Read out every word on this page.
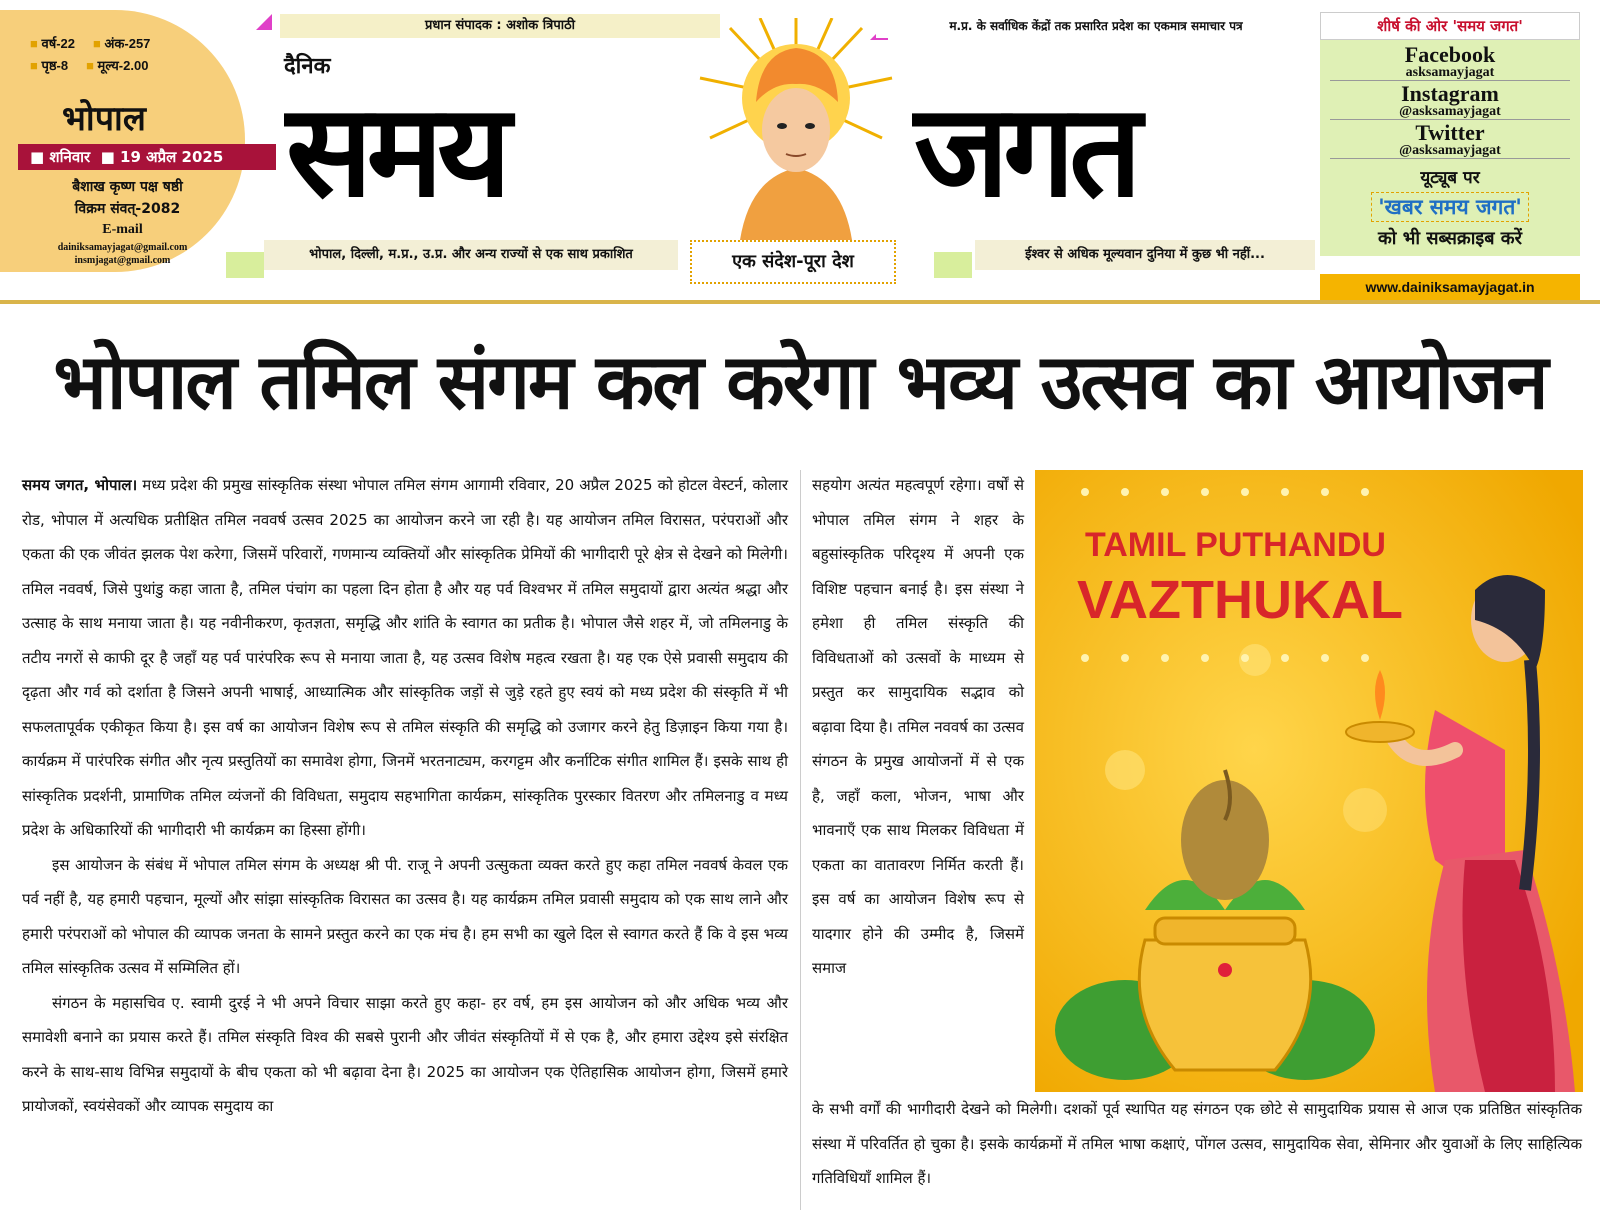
■ वर्ष-22 ■ अंक-257
■ पृष्ठ-8 ■ मूल्य-2.00
भोपाल
■ शनिवार  ■ 19 अप्रैल 2025
बैशाख कृष्ण पक्ष षष्ठी
विक्रम संवत्-2082
E-mail
dainiksamayjagat@gmail.com
insmjagat@gmail.com
प्रधान संपादक : अशोक त्रिपाठी
दैनिक
समय	जगत
भोपाल, दिल्ली, म.प्र., उ.प्र. और अन्य राज्यों से एक साथ प्रकाशित	एक संदेश-पूरा देश
म.प्र. के सर्वाधिक केंद्रों तक प्रसारित प्रदेश का एकमात्र समाचार पत्र
ईश्वर से अधिक मूल्यवान दुनिया में कुछ भी नहीं...
शीर्ष की ओर 'समय जगत'
Facebook
asksamayjagat
Instagram
@asksamayjagat
Twitter
@asksamayjagat
यूट्यूब पर
'खबर समय जगत'
को भी सब्सक्राइब करें
www.dainiksamayjagat.in
भोपाल तमिल संगम कल करेगा भव्य उत्सव का आयोजन

समय जगत, भोपाल। मध्य प्रदेश की प्रमुख सांस्कृतिक संस्था भोपाल तमिल संगम आगामी रविवार, 20 अप्रैल 2025 को होटल वेस्टर्न, कोलार रोड, भोपाल में अत्यधिक प्रतीक्षित तमिल नववर्ष उत्सव 2025 का आयोजन करने जा रही है। यह आयोजन तमिल विरासत, परंपराओं और एकता की एक जीवंत झलक पेश करेगा, जिसमें परिवारों, गणमान्य व्यक्तियों और सांस्कृतिक प्रेमियों की भागीदारी पूरे क्षेत्र से देखने को मिलेगी। तमिल नववर्ष, जिसे पुथांडु कहा जाता है, तमिल पंचांग का पहला दिन होता है और यह पर्व विश्वभर में तमिल समुदायों द्वारा अत्यंत श्रद्धा और उत्साह के साथ मनाया जाता है। यह नवीनीकरण, कृतज्ञता, समृद्धि और शांति के स्वागत का प्रतीक है। भोपाल जैसे शहर में, जो तमिलनाडु के तटीय नगरों से काफी दूर है जहाँ यह पर्व पारंपरिक रूप से मनाया जाता है, यह उत्सव विशेष महत्व रखता है। यह एक ऐसे प्रवासी समुदाय की दृढ़ता और गर्व को दर्शाता है जिसने अपनी भाषाई, आध्यात्मिक और सांस्कृतिक जड़ों से जुड़े रहते हुए स्वयं को मध्य प्रदेश की संस्कृति में भी सफलतापूर्वक एकीकृत किया है। इस वर्ष का आयोजन विशेष रूप से तमिल संस्कृति की समृद्धि को उजागर करने हेतु डिज़ाइन किया गया है। कार्यक्रम में पारंपरिक संगीत और नृत्य प्रस्तुतियों का समावेश होगा, जिनमें भरतनाट्यम, करगट्टम और कर्नाटिक संगीत शामिल हैं। इसके साथ ही सांस्कृतिक प्रदर्शनी, प्रामाणिक तमिल व्यंजनों की विविधता, समुदाय सहभागिता कार्यक्रम, सांस्कृतिक पुरस्कार वितरण और तमिलनाडु व मध्य प्रदेश के अधिकारियों की भागीदारी भी कार्यक्रम का हिस्सा होंगी।

इस आयोजन के संबंध में भोपाल तमिल संगम के अध्यक्ष श्री पी. राजू ने अपनी उत्सुकता व्यक्त करते हुए कहा तमिल नववर्ष केवल एक पर्व नहीं है, यह हमारी पहचान, मूल्यों और सांझा सांस्कृतिक विरासत का उत्सव है। यह कार्यक्रम तमिल प्रवासी समुदाय को एक साथ लाने और हमारी परंपराओं को भोपाल की व्यापक जनता के सामने प्रस्तुत करने का एक मंच है। हम सभी का खुले दिल से स्वागत करते हैं कि वे इस भव्य तमिल सांस्कृतिक उत्सव में सम्मिलित हों।

संगठन के महासचिव ए. स्वामी दुरई ने भी अपने विचार साझा करते हुए कहा- हर वर्ष, हम इस आयोजन को और अधिक भव्य और समावेशी बनाने का प्रयास करते हैं। तमिल संस्कृति विश्व की सबसे पुरानी और जीवंत संस्कृतियों में से एक है, और हमारा उद्देश्य इसे संरक्षित करने के साथ-साथ विभिन्न समुदायों के बीच एकता को भी बढ़ावा देना है। 2025 का आयोजन एक ऐतिहासिक आयोजन होगा, जिसमें हमारे प्रायोजकों, स्वयंसेवकों और व्यापक समुदाय का

सहयोग अत्यंत महत्वपूर्ण रहेगा। वर्षों से भोपाल तमिल संगम ने शहर के बहुसांस्कृतिक परिदृश्य में अपनी एक विशिष्ट पहचान बनाई है। इस संस्था ने हमेशा ही तमिल संस्कृति की विविधताओं को उत्सवों के माध्यम से प्रस्तुत कर सामुदायिक सद्भाव को बढ़ावा दिया है। तमिल नववर्ष का उत्सव संगठन के प्रमुख आयोजनों में से एक है, जहाँ कला, भोजन, भाषा और भावनाएँ एक साथ मिलकर विविधता में एकता का वातावरण निर्मित करती हैं। इस वर्ष का आयोजन विशेष रूप से यादगार होने की उम्मीद है, जिसमें समाज

TAMIL PUTHANDU
VAZTHUKAL

के सभी वर्गों की भागीदारी देखने को मिलेगी। दशकों पूर्व स्थापित यह संगठन एक छोटे से सामुदायिक प्रयास से आज एक प्रतिष्ठित सांस्कृतिक संस्था में परिवर्तित हो चुका है। इसके कार्यक्रमों में तमिल भाषा कक्षाएं, पोंगल उत्सव, सामुदायिक सेवा, सेमिनार और युवाओं के लिए साहित्यिक गतिविधियाँ शामिल हैं।
